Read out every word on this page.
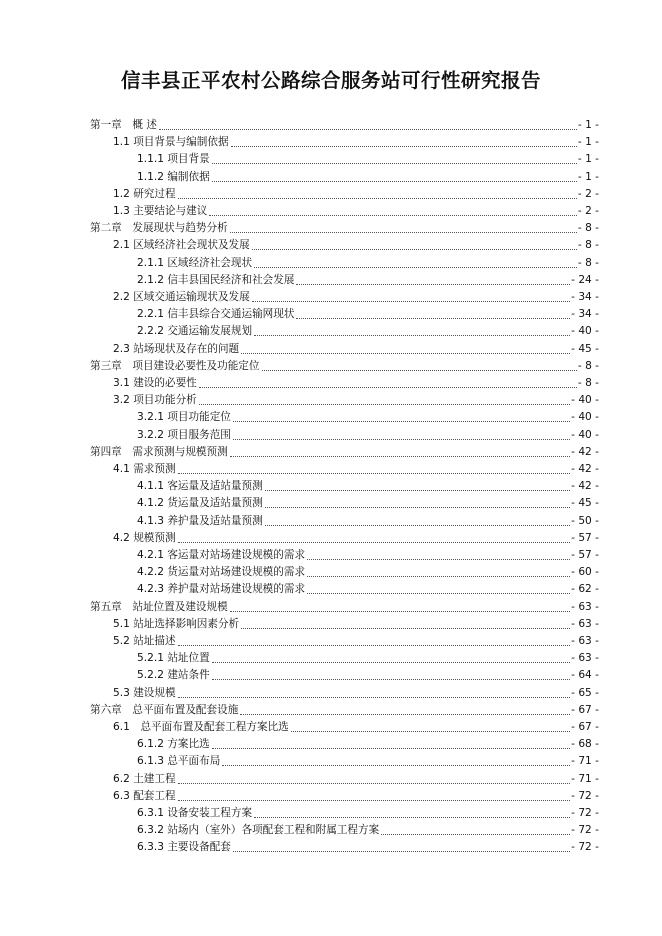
信丰县正平农村公路综合服务站可行性研究报告
第一章　概 述	- 1 -
1.1 项目背景与编制依据	- 1 -
1.1.1 项目背景	- 1 -
1.1.2 编制依据	- 1 -
1.2 研究过程	- 2 -
1.3 主要结论与建议	- 2 -
第二章　发展现状与趋势分析	- 8 -
2.1 区域经济社会现状及发展	- 8 -
2.1.1 区域经济社会现状	- 8 -
2.1.2 信丰县国民经济和社会发展	- 24 -
2.2 区域交通运输现状及发展	- 34 -
2.2.1 信丰县综合交通运输网现状	- 34 -
2.2.2 交通运输发展规划	- 40 -
2.3 站场现状及存在的问题	- 45 -
第三章　项目建设必要性及功能定位	- 8 -
3.1 建设的必要性	- 8 -
3.2 项目功能分析	- 40 -
3.2.1 项目功能定位	- 40 -
3.2.2 项目服务范围	- 40 -
第四章　需求预测与规模预测	- 42 -
4.1 需求预测	- 42 -
4.1.1 客运量及适站量预测	- 42 -
4.1.2 货运量及适站量预测	- 45 -
4.1.3 养护量及适站量预测	- 50 -
4.2 规模预测	- 57 -
4.2.1 客运量对站场建设规模的需求	- 57 -
4.2.2 货运量对站场建设规模的需求	- 60 -
4.2.3 养护量对站场建设规模的需求	- 62 -
第五章　站址位置及建设规模	- 63 -
5.1 站址选择影响因素分析	- 63 -
5.2 站址描述	- 63 -
5.2.1 站址位置	- 63 -
5.2.2 建站条件	- 64 -
5.3 建设规模	- 65 -
第六章　总平面布置及配套设施	- 67 -
6.1　总平面布置及配套工程方案比选	- 67 -
6.1.2 方案比选	- 68 -
6.1.3 总平面布局	- 71 -
6.2 土建工程	- 71 -
6.3 配套工程	- 72 -
6.3.1 设备安装工程方案	- 72 -
6.3.2 站场内（室外）各项配套工程和附属工程方案	- 72 -
6.3.3 主要设备配套	- 72 -
